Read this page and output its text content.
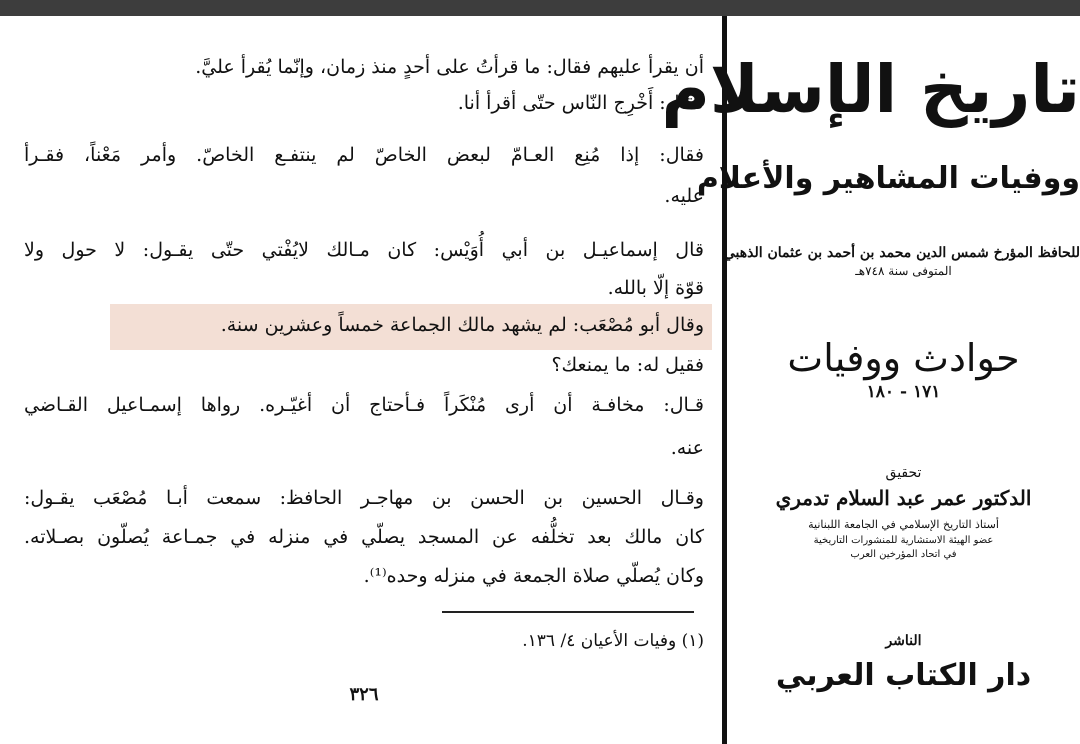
أن يقرأ عليهم فقال: ما قرأتُ على أحدٍ منذ زمان، وإنّما يُقرأ عليَّ.
فقال: أَخْرِج النّاس حتّى أقرأ أنا.
فقال: إذا مُنِع العـامّ لبعض الخاصّ لم ينتفـع الخاصّ. وأمر مَعْناً، فقـرأ
عليه.
قال إسماعيـل بن أبي أُوَيْس: كان مـالك لايُفْتي حتّى يقـول: لا حول ولا
قوّة إلّا بالله.
وقال أبو مُصْعَب: لم يشهد مالك الجماعة خمساً وعشرين سنة.
فقيل له: ما يمنعك؟
قـال: مخافـة أن أرى مُنْكَراً فـأحتاج أن أغيّـره. رواها إسمـاعيل القـاضي
عنه.
وقـال الحسين بن الحسن بن مهاجـر الحافظ: سمعت أبـا مُصْعَب يقـول:
كان مالك بعد تخلُّفه عن المسجد يصلّي في منزله في جمـاعة يُصلّون بصـلاته.
وكان يُصلّي صلاة الجمعة في منزله وحده⁽¹⁾.
(١) وفيات الأعيان ٤/ ١٣٦.
٣٢٦
تاريخ الإسلام
ووفيات المشاهير والأعلام
للحافظ المؤرخ شمس الدين محمد بن أحمد بن عثمان الذهبي
المتوفى سنة ٧٤٨هـ
حوادث ووفيات
١٧١ - ١٨٠
تحقيق
الدكتور عمر عبد السلام تدمري
أستاذ التاريخ الإسلامي في الجامعة اللبنانية
عضو الهيئة الاستشارية للمنشورات التاريخية
في اتحاد المؤرخين العرب
الناشر
دار الكتاب العربي
